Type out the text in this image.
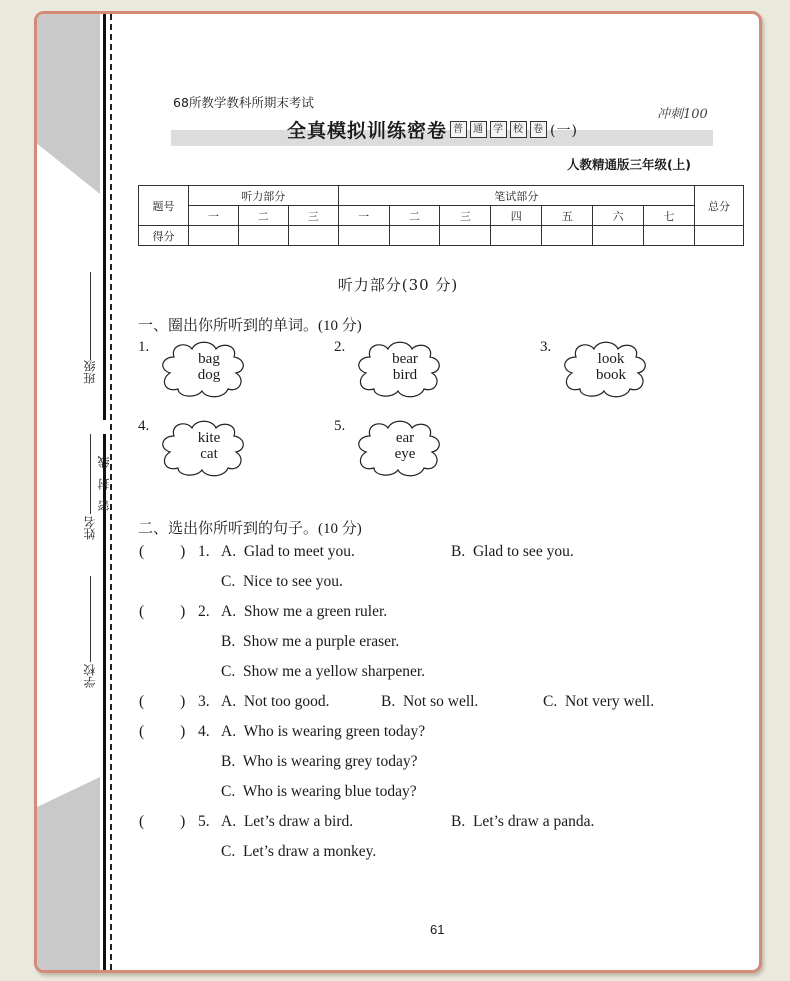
班级
姓名
密封线
学校
68所教学教科所期末考试
冲刺100
全真模拟训练密卷 普 通 学 校 卷 (一)
人教精通版三年级(上)
题号	听力部分			笔试部分							总分
	一	二	三	一	二	三	四	五	六	七	
得分											
听力部分(30 分)
一、圈出你所听到的单词。(10 分)
1.
bag
dog
2.
bear
bird
3.
look
book
4.
kite
cat
5.
ear
eye
二、选出你所听到的句子。(10 分)
( ) 1. A. Glad to meet you.	B. Glad to see you.
C. Nice to see you.
( ) 2. A. Show me a green ruler.
B. Show me a purple eraser.
C. Show me a yellow sharpener.
( ) 3. A. Not too good.	B. Not so well.	C. Not very well.
( ) 4. A. Who is wearing green today?
B. Who is wearing grey today?
C. Who is wearing blue today?
( ) 5. A. Let’s draw a bird.	B. Let’s draw a panda.
C. Let’s draw a monkey.
61
